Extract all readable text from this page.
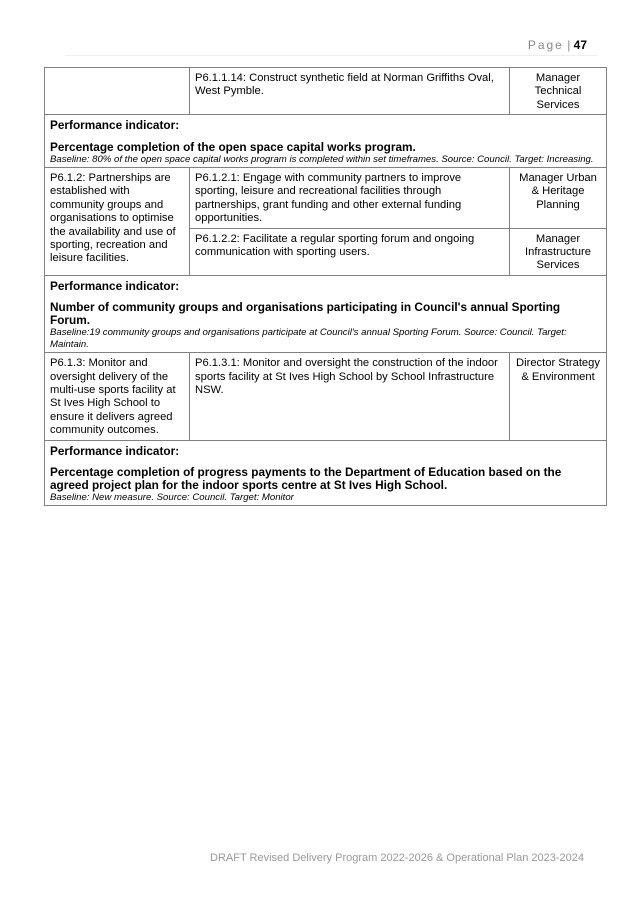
Page | 47
	P6.1.1.14: Construct synthetic field at Norman Griffiths Oval, West Pymble.	Manager Technical Services

Performance indicator:
Percentage completion of the open space capital works program.
Baseline: 80% of the open space capital works program is completed within set timeframes. Source: Council. Target: Increasing.		

P6.1.2: Partnerships are established with community groups and organisations to optimise the availability and use of sporting, recreation and leisure facilities.	P6.1.2.1: Engage with community partners to improve sporting, leisure and recreational facilities through partnerships, grant funding and other external funding opportunities.	Manager Urban & Heritage Planning
	P6.1.2.2: Facilitate a regular sporting forum and ongoing communication with sporting users.	Manager Infrastructure Services

Performance indicator:
Number of community groups and organisations participating in Council's annual Sporting Forum.
Baseline:19 community groups and organisations participate at Council's annual Sporting Forum. Source: Council. Target: Maintain.		

P6.1.3: Monitor and oversight delivery of the multi-use sports facility at St Ives High School to ensure it delivers agreed community outcomes.	P6.1.3.1: Monitor and oversight the construction of the indoor sports facility at St Ives High School by School Infrastructure NSW.	Director Strategy & Environment

Performance indicator:
Percentage completion of progress payments to the Department of Education based on the agreed project plan for the indoor sports centre at St Ives High School.
Baseline: New measure. Source: Council. Target: Monitor		
DRAFT Revised Delivery Program 2022-2026 & Operational Plan 2023-2024
